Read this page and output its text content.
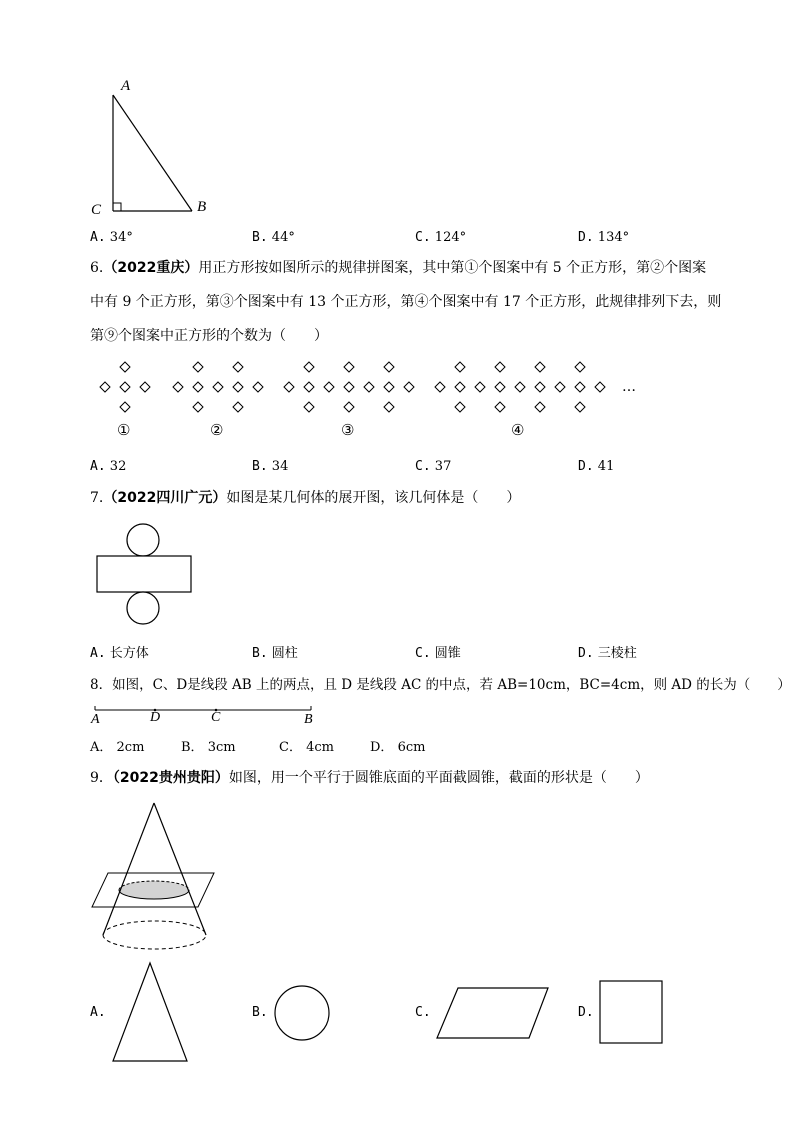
A
C	B
A. 34°	B. 44°	C. 124°	D. 134°
6.（2022重庆）用正方形按如图所示的规律拼图案，其中第①个图案中有 5 个正方形，第②个图案
中有 9 个正方形，第③个图案中有 13 个正方形，第④个图案中有 17 个正方形，此规律排列下去，则
第⑨个图案中正方形的个数为（　　）
…
①	②	③	④
A. 32	B. 34	C. 37	D. 41
7.（2022四川广元）如图是某几何体的展开图，该几何体是（　　）
A. 长方体	B. 圆柱	C. 圆锥	D. 三棱柱
8．如图，C、D是线段 AB 上的两点，且 D 是线段 AC 的中点，若 AB=10cm，BC=4cm，则 AD 的长为（　　）
A	D	C	B
A． 2cm	B． 3cm	C． 4cm	D． 6cm
9．（2022贵州贵阳）如图，用一个平行于圆锥底面的平面截圆锥，截面的形状是（　　）
A.	B.	C.	D.
